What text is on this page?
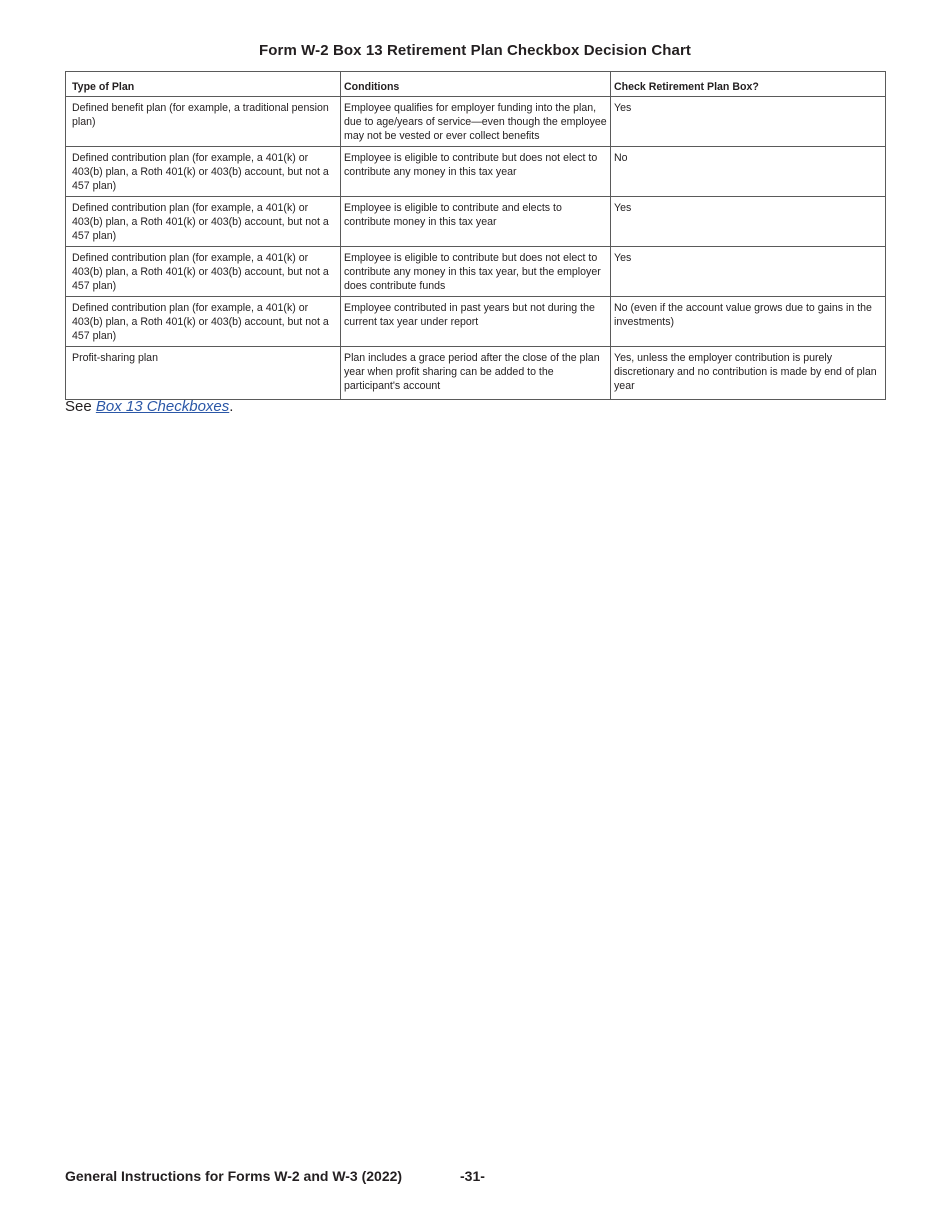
Form W-2 Box 13 Retirement Plan Checkbox Decision Chart
Type of Plan	Conditions	Check Retirement Plan Box?
Defined benefit plan (for example, a traditional pension plan)	Employee qualifies for employer funding into the plan, due to age/years of service—even though the employee may not be vested or ever collect benefits	Yes
Defined contribution plan (for example, a 401(k) or 403(b) plan, a Roth 401(k) or 403(b) account, but not a 457 plan)	Employee is eligible to contribute but does not elect to contribute any money in this tax year	No
Defined contribution plan (for example, a 401(k) or 403(b) plan, a Roth 401(k) or 403(b) account, but not a 457 plan)	Employee is eligible to contribute and elects to contribute money in this tax year	Yes
Defined contribution plan (for example, a 401(k) or 403(b) plan, a Roth 401(k) or 403(b) account, but not a 457 plan)	Employee is eligible to contribute but does not elect to contribute any money in this tax year, but the employer does contribute funds	Yes
Defined contribution plan (for example, a 401(k) or 403(b) plan, a Roth 401(k) or 403(b) account, but not a 457 plan)	Employee contributed in past years but not during the current tax year under report	No (even if the account value grows due to gains in the investments)
Profit-sharing plan	Plan includes a grace period after the close of the plan year when profit sharing can be added to the participant's account	Yes, unless the employer contribution is purely discretionary and no contribution is made by end of plan year
See Box 13 Checkboxes.
General Instructions for Forms W-2 and W-3 (2022)	-31-
